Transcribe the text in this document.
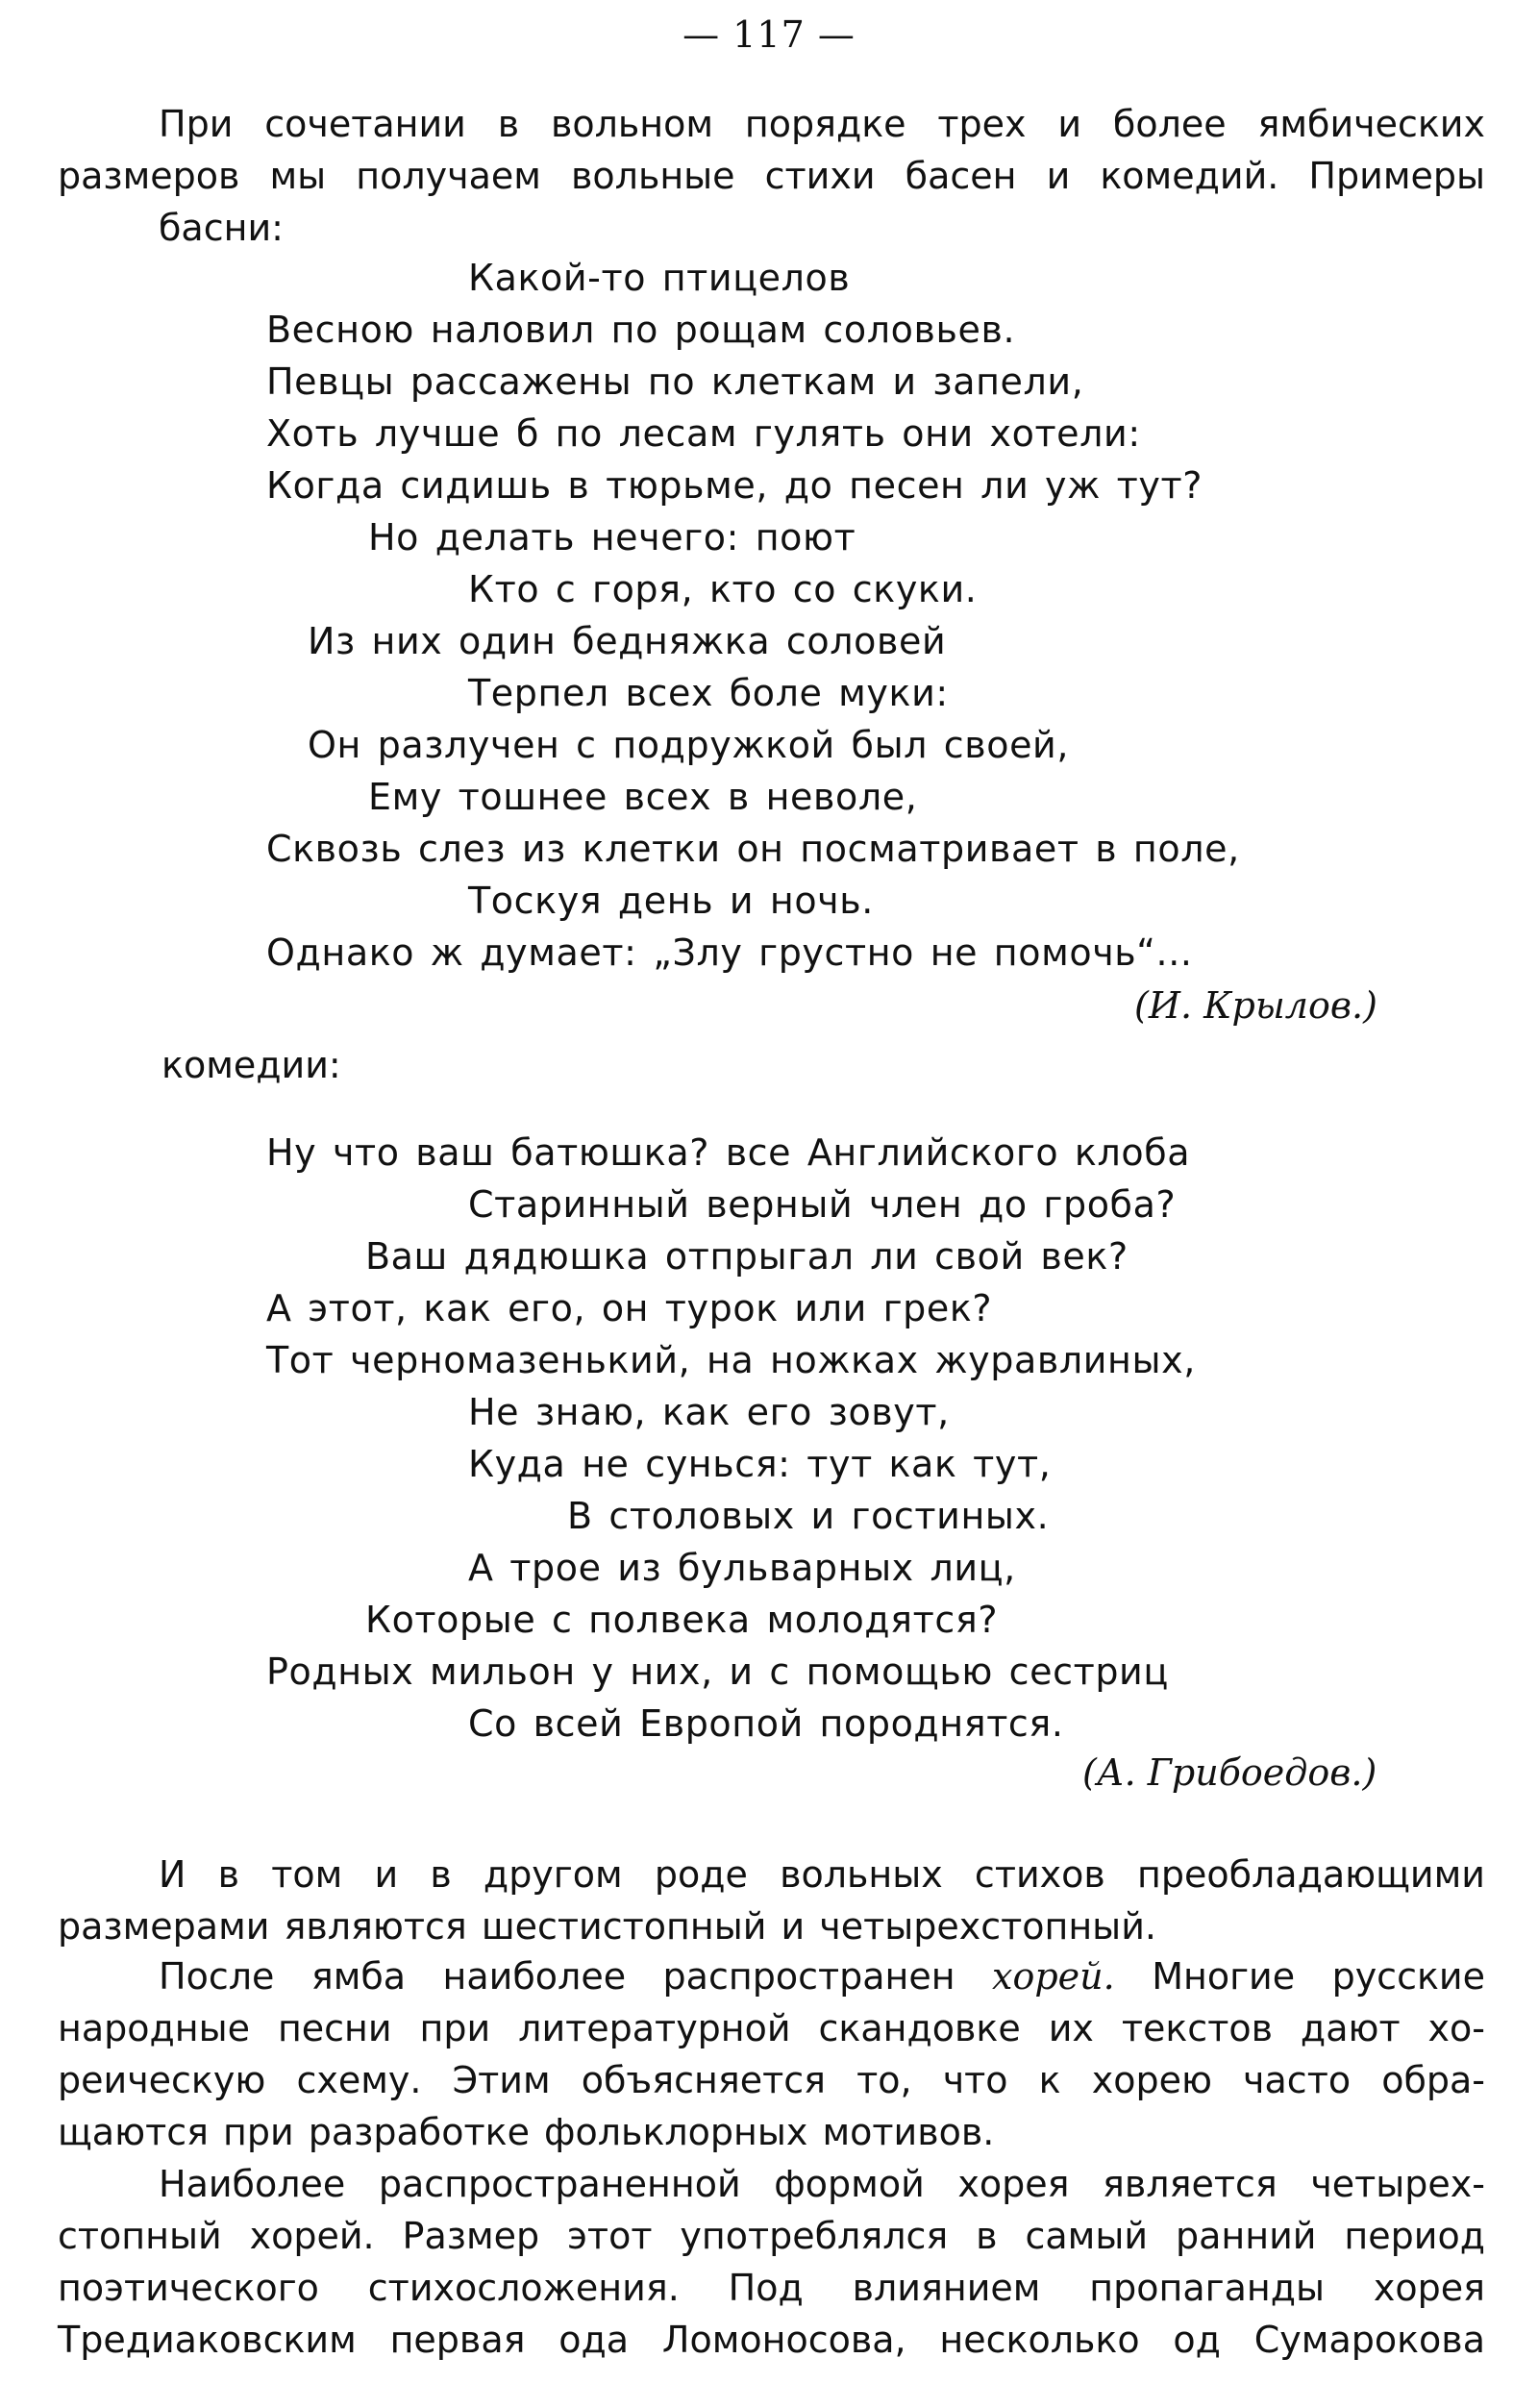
— 117 —
При сочетании в вольном порядке трех и более ямбических
размеров мы получаем вольные стихи басен и комедий. Примеры
басни:
Какой-то птицелов
Весною наловил по рощам соловьев.
Певцы рассажены по клеткам и запели,
Хоть лучше б по лесам гулять они хотели:
Когда сидишь в тюрьме, до песен ли уж тут?
Но делать нечего: поют
Кто с горя, кто со скуки.
Из них один бедняжка соловей
Терпел всех боле муки:
Он разлучен с подружкой был своей,
Ему тошнее всех в неволе,
Сквозь слез из клетки он посматривает в поле,
Тоскуя день и ночь.
Однако ж думает: „Злу грустно не помочь“...
(И. Крылов.)
комедии:
Ну что ваш батюшка? все Английского клоба
Старинный верный член до гроба?
Ваш дядюшка отпрыгал ли свой век?
А этот, как его, он турок или грек?
Тот черномазенький, на ножках журавлиных,
Не знаю, как его зовут,
Куда не сунься: тут как тут,
В столовых и гостиных.
А трое из бульварных лиц,
Которые с полвека молодятся?
Родных мильон у них, и с помощью сестриц
Со всей Европой породнятся.
(А. Грибоедов.)
И в том и в другом роде вольных стихов преобладающими
размерами являются шестистопный и четырехстопный.
После ямба наиболее распространен хорей. Многие русские
народные песни при литературной скандовке их текстов дают хо-
реическую схему. Этим объясняется то, что к хорею часто обра-
щаются при разработке фольклорных мотивов.
Наиболее распространенной формой хорея является четырех-
стопный хорей. Размер этот употреблялся в самый ранний период
поэтического стихосложения. Под влиянием пропаганды хорея
Тредиаковским первая ода Ломоносова, несколько од Сумарокова
